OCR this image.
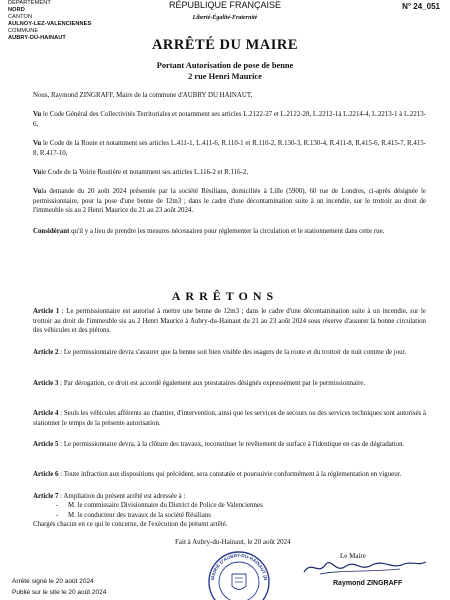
DEPARTEMENT
NORD
CANTON
AULNOY-LEZ-VALENCIENNES
COMMUNE
AUBRY-DU-HAINAUT
RÉPUBLIQUE FRANÇAISE
Liberté-Égalité-Fraternité
N° 24_051
ARRÊTÉ DU MAIRE
Portant Autorisation de pose de benne
2 rue Henri Maurice
Nous, Raymond ZINGRAFF, Maire de la commune d'AUBRY DU HAINAUT,
Vu le Code Général des Collectivités Territoriales et notamment ses articles L.2122-27 et L.2122-28, L.2212-1à L.2214-4, L.2213-1 à L.2213-6,
Vu le Code de la Route et notamment ses articles L.411-1, L.411-6, R.110-1 et R.110-2, R.130-3, R.130-4, R.411-8, R.415-6, R.415-7, R.415-8, R.417-10,
Vule Code de la Voirie Routière et notamment ses articles L.116-2 et R.116-2,
Vula demande du 20 août 2024 présentée par la société Résilians, domiciliée à Lille (5900), 60 rue de Londres, ci-après désignée le permissionnaire, pour la pose d'une benne de 12m3 ; dans le cadre d'une décontamination suite à un incendie, sur le trottoir au droit de l'immeuble sis au 2 Henri Maurice du 21 au 23 août 2024.
Considérant qu'il y a lieu de prendre les mesures nécessaires pour réglementer la circulation et le stationnement dans cette rue.
ARRÊTONS
Article 1 : Le permissionnaire est autorisé à mettre une benne de 12m3 ; dans le cadre d'une décontamination suite à un incendie, sur le trottoir au droit de l'immeuble sis au 2 Henri Maurice à Aubry-du-Hainaut du 21 au 23 août 2024 sous réserve d'assurer la bonne circulation des véhicules et des piétons.
Article 2 : Le permissionnaire devra s'assurer que la benne soit bien visible des usagers de la route et du trottoir de nuit comme de jour.
Article 3 : Par dérogation, ce droit est accordé également aux prestataires désignés expressément par le permissionnaire.
Article 4 : Seuls les véhicules afférents au chantier, d'intervention, ainsi que les services de secours ou des services techniques sont autorisés à stationner le temps de la présente autorisation.
Article 5 : Le permissionnaire devra, à la clôture des travaux, reconstituer le revêtement de surface à l'identique en cas de dégradation.
Article 6 : Toute infraction aux dispositions qui précèdent, sera constatée et poursuivie conformément à la réglementation en vigueur.
Article 7 : Ampliation du présent arrêté est adressée à :
- M. le commissaire Divisionnaire du District de Police de Valenciennes
- M. le conducteur des travaux de la société Résilians
Chargés chacun en ce qui le concerne, de l'exécution du présent arrêté.
Fait à Aubry-du-Hainaut, le 20 août 2024
Le Maire
MAIRIE D'AUBRY-DU-HAINAUT (N
Raymond ZINGRAFF
Arrêté signé le 20 août 2024
Publié sur le site le 20 août 2024
